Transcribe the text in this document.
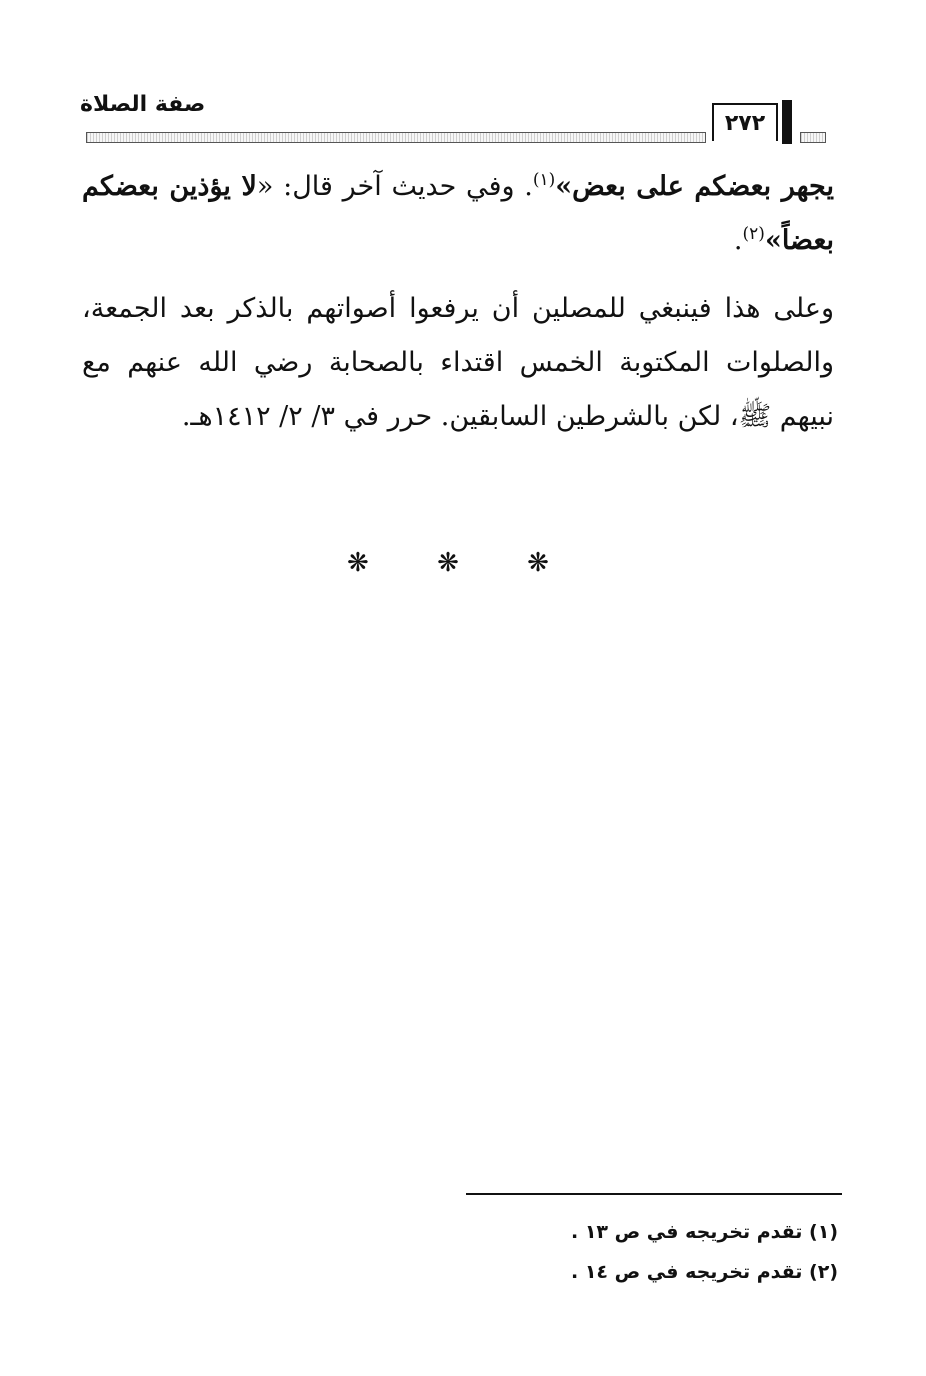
صفة الصلاة
٢٧٢

يجهر بعضكم على بعض»$^{(١)}$. وفي حديث آخر قال: «لا يؤذين بعضكم بعضاً»$^{(٢)}$.

وعلى هذا فينبغي للمصلين أن يرفعوا أصواتهم بالذكر بعد الجمعة، والصلوات المكتوبة الخمس اقتداء بالصحابة رضي الله عنهم مع نبيهم ﷺ، لكن بالشرطين السابقين. حرر في ٣/ ٢/ ١٤١٢هـ.

❋ ❋ ❋
(١) تقدم تخريجه في ص ١٣ .
(٢) تقدم تخريجه في ص ١٤ .
